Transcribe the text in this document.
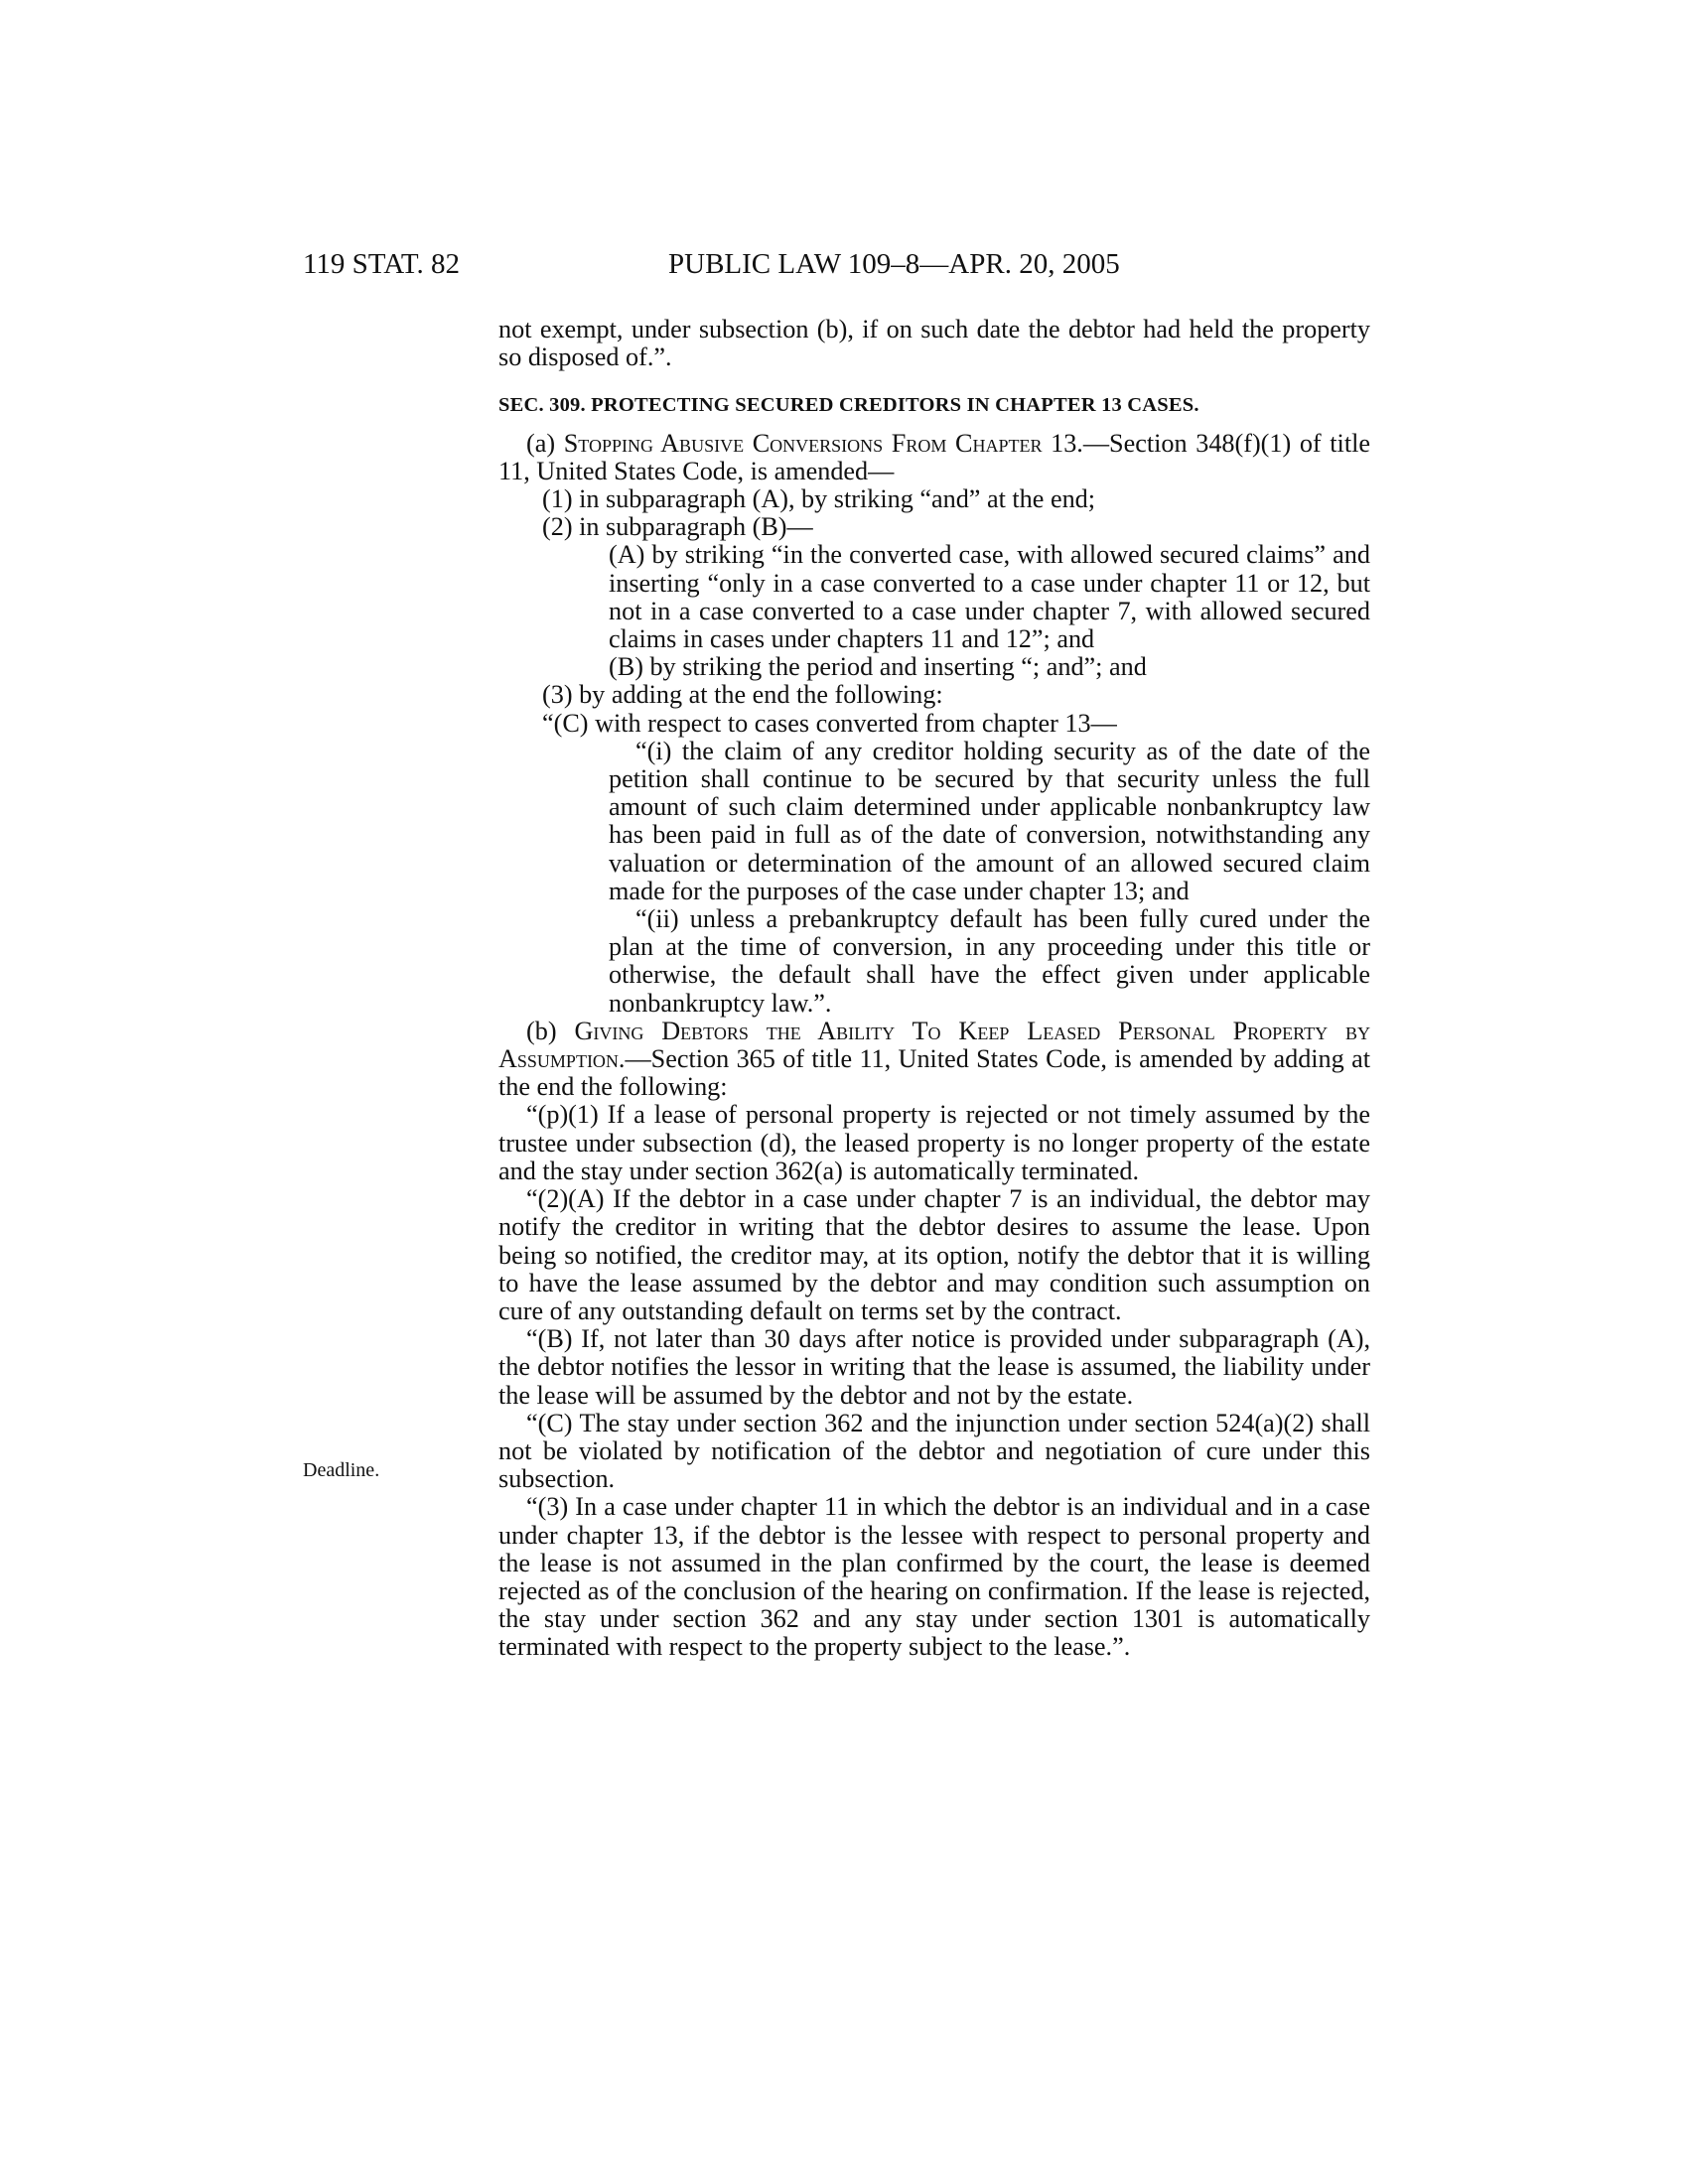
119 STAT. 82	PUBLIC LAW 109–8—APR. 20, 2005
Deadline.

not exempt, under subsection (b), if on such date the debtor had held the property so disposed of.”.

SEC. 309. PROTECTING SECURED CREDITORS IN CHAPTER 13 CASES.

(a) Stopping Abusive Conversions From Chapter 13.—Section 348(f)(1) of title 11, United States Code, is amended—

(1) in subparagraph (A), by striking “and” at the end;

(2) in subparagraph (B)—

(A) by striking “in the converted case, with allowed secured claims” and inserting “only in a case converted to a case under chapter 11 or 12, but not in a case converted to a case under chapter 7, with allowed secured claims in cases under chapters 11 and 12”; and

(B) by striking the period and inserting “; and”; and

(3) by adding at the end the following:

“(C) with respect to cases converted from chapter 13—

“(i) the claim of any creditor holding security as of the date of the petition shall continue to be secured by that security unless the full amount of such claim determined under applicable nonbankruptcy law has been paid in full as of the date of conversion, notwithstanding any valuation or determination of the amount of an allowed secured claim made for the purposes of the case under chapter 13; and

“(ii) unless a prebankruptcy default has been fully cured under the plan at the time of conversion, in any proceeding under this title or otherwise, the default shall have the effect given under applicable nonbankruptcy law.”.

(b) Giving Debtors the Ability To Keep Leased Personal Property by Assumption.—Section 365 of title 11, United States Code, is amended by adding at the end the following:

“(p)(1) If a lease of personal property is rejected or not timely assumed by the trustee under subsection (d), the leased property is no longer property of the estate and the stay under section 362(a) is automatically terminated.

“(2)(A) If the debtor in a case under chapter 7 is an individual, the debtor may notify the creditor in writing that the debtor desires to assume the lease. Upon being so notified, the creditor may, at its option, notify the debtor that it is willing to have the lease assumed by the debtor and may condition such assumption on cure of any outstanding default on terms set by the contract.

“(B) If, not later than 30 days after notice is provided under subparagraph (A), the debtor notifies the lessor in writing that the lease is assumed, the liability under the lease will be assumed by the debtor and not by the estate.

“(C) The stay under section 362 and the injunction under section 524(a)(2) shall not be violated by notification of the debtor and negotiation of cure under this subsection.

“(3) In a case under chapter 11 in which the debtor is an individual and in a case under chapter 13, if the debtor is the lessee with respect to personal property and the lease is not assumed in the plan confirmed by the court, the lease is deemed rejected as of the conclusion of the hearing on confirmation. If the lease is rejected, the stay under section 362 and any stay under section 1301 is automatically terminated with respect to the property subject to the lease.”.
